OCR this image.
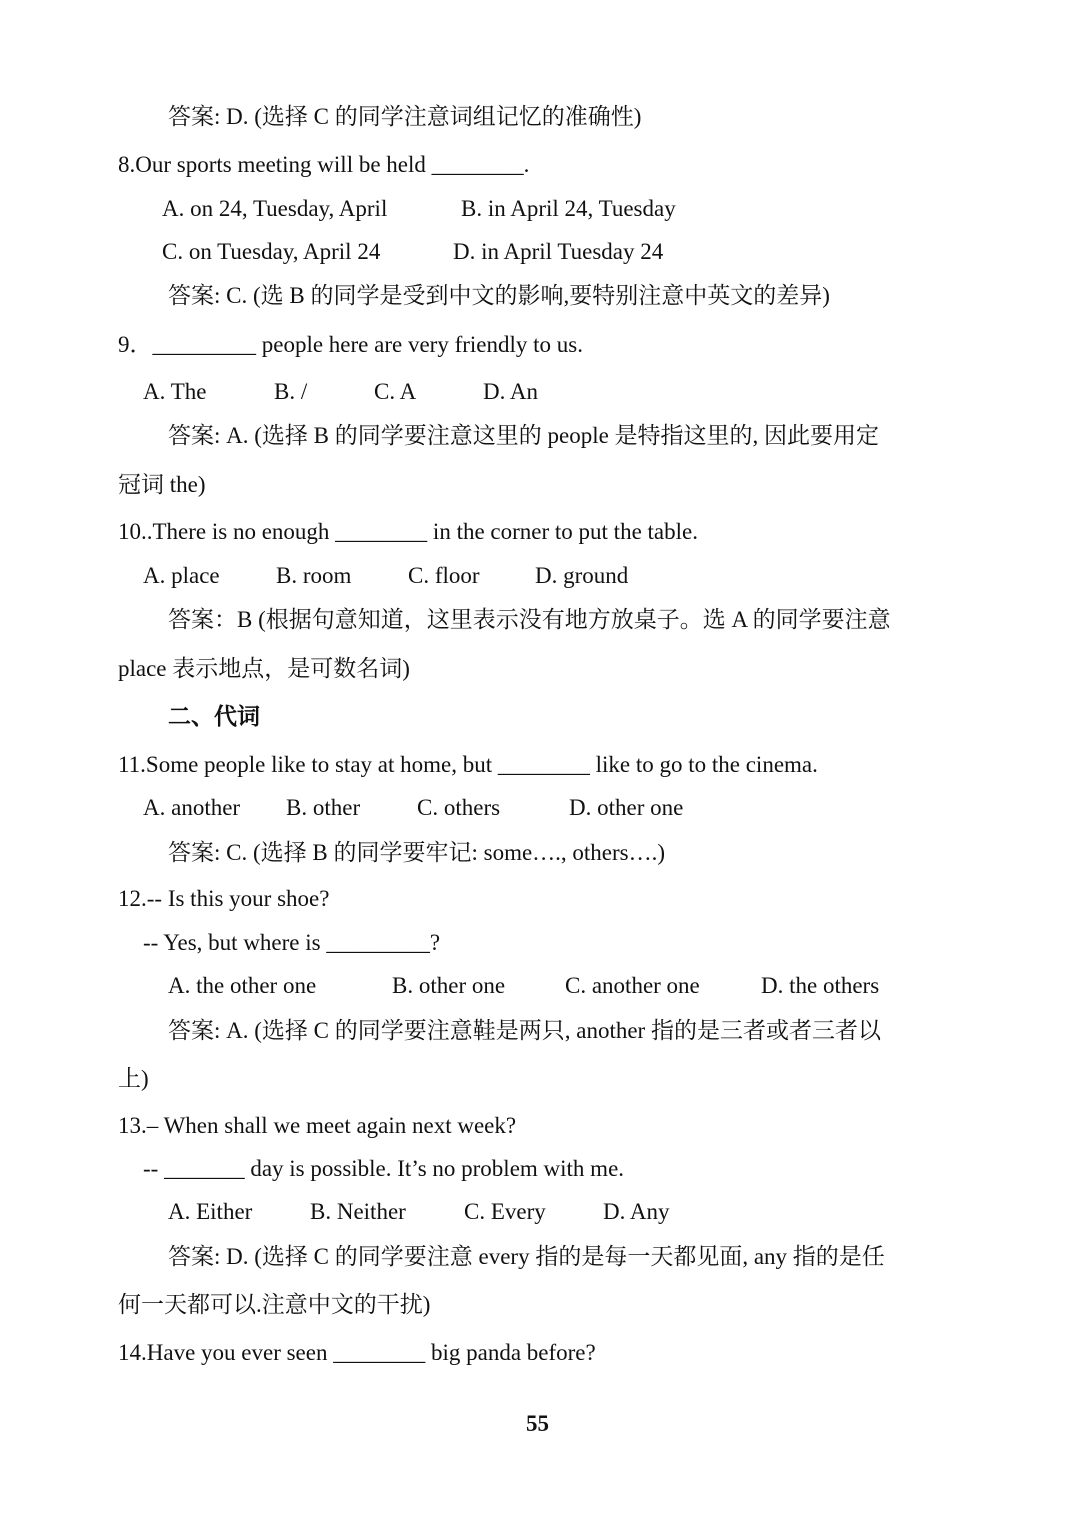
答案: D. (选择 C 的同学注意词组记忆的准确性)
8.Our sports meeting will be held ________.
A. on 24, Tuesday, April	B. in April 24, Tuesday
C. on Tuesday, April 24	D. in April Tuesday 24
答案: C. (选 B 的同学是受到中文的影响,要特别注意中英文的差异)
9．_________ people here are very friendly to us.
A. The	B. /	C. A	D. An
答案: A. (选择 B 的同学要注意这里的 people 是特指这里的, 因此要用定
冠词 the)
10..There is no enough ________ in the corner to put the table.
A. place	B. room	C. floor	D. ground
答案：B (根据句意知道，这里表示没有地方放桌子。选 A 的同学要注意
place 表示地点，是可数名词)
二、代词
11.Some people like to stay at home, but ________ like to go to the cinema.
A. another	B. other	C. others	D. other one
答案: C. (选择 B 的同学要牢记: some…., others….)
12.-- Is this your shoe?
-- Yes, but where is _________?
A. the other one	B. other one	C. another one	D. the others
答案: A. (选择 C 的同学要注意鞋是两只, another 指的是三者或者三者以
上)
13.– When shall we meet again next week?
-- _______ day is possible. It’s no problem with me.
A. Either	B. Neither	C. Every	D. Any
答案: D. (选择 C 的同学要注意 every 指的是每一天都见面, any 指的是任
何一天都可以.注意中文的干扰)
14.Have you ever seen ________ big panda before?
55
